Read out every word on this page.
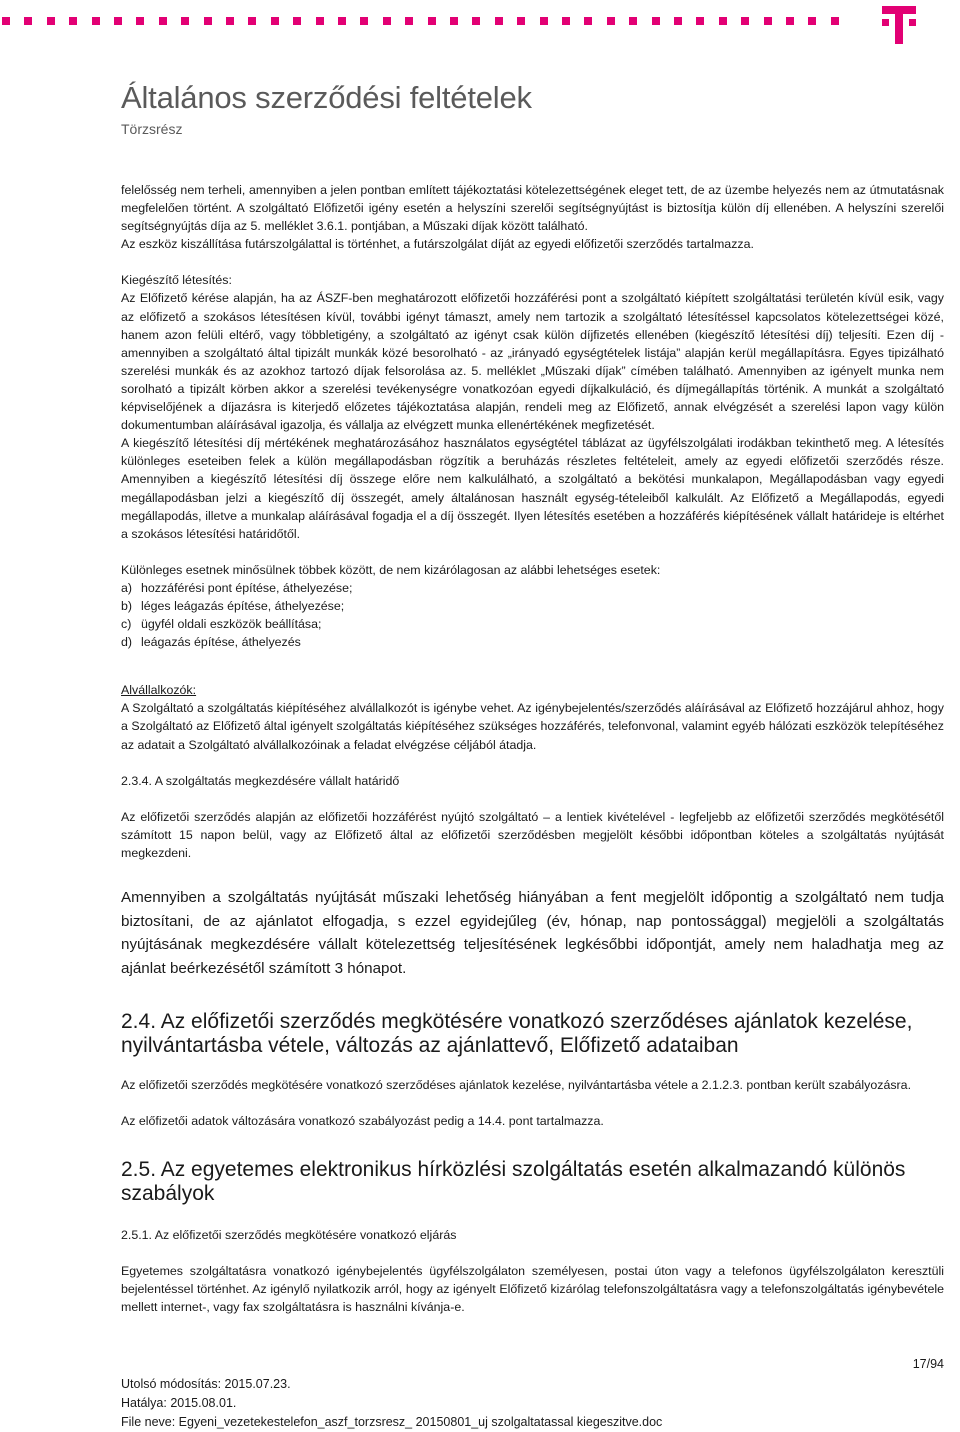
Általános szerződési feltételek
Törzsrész

felelősség nem terheli, amennyiben a jelen pontban említett tájékoztatási kötelezettségének eleget tett, de az üzembe helyezés nem az útmutatásnak megfelelően történt. A szolgáltató Előfizetői igény esetén a helyszíni szerelői segítségnyújtást is biztosítja külön díj ellenében. A helyszíni szerelői segítségnyújtás díja az 5. melléklet 3.6.1. pontjában, a Műszaki díjak között található.

Az eszköz kiszállítása futárszolgálattal is történhet, a futárszolgálat díját az egyedi előfizetői szerződés tartalmazza.

Kiegészítő létesítés:

Az Előfizető kérése alapján, ha az ÁSZF-ben meghatározott előfizetői hozzáférési pont a szolgáltató kiépített szolgáltatási területén kívül esik, vagy az előfizető a szokásos létesítésen kívül, további igényt támaszt, amely nem tartozik a szolgáltató létesítéssel kapcsolatos kötelezettségei közé, hanem azon felüli eltérő, vagy többletigény, a szolgáltató az igényt csak külön díjfizetés ellenében (kiegészítő létesítési díj) teljesíti. Ezen díj - amennyiben a szolgáltató által tipizált munkák közé besorolható - az „irányadó egységtételek listája” alapján kerül megállapításra. Egyes tipizálható szerelési munkák és az azokhoz tartozó díjak felsorolása az. 5. melléklet „Műszaki díjak” címében található. Amennyiben az igényelt munka nem sorolható a tipizált körben akkor a szerelési tevékenységre vonatkozóan egyedi díjkalkuláció, és díjmegállapítás történik. A munkát a szolgáltató képviselőjének a díjazásra is kiterjedő előzetes tájékoztatása alapján, rendeli meg az Előfizető, annak elvégzését a szerelési lapon vagy külön dokumentumban aláírásával igazolja, és vállalja az elvégzett munka ellenértékének megfizetését.

A kiegészítő létesítési díj mértékének meghatározásához használatos egységtétel táblázat az ügyfélszolgálati irodákban tekinthető meg. A létesítés különleges eseteiben felek a külön megállapodásban rögzítik a beruházás részletes feltételeit, amely az egyedi előfizetői szerződés része. Amennyiben a kiegészítő létesítési díj összege előre nem kalkulálható, a szolgáltató a bekötési munkalapon, Megállapodásban vagy egyedi megállapodásban jelzi a kiegészítő díj összegét, amely általánosan használt egység-tételeiből kalkulált. Az Előfizető a Megállapodás, egyedi megállapodás, illetve a munkalap aláírásával fogadja el a díj összegét. Ilyen létesítés esetében a hozzáférés kiépítésének vállalt határideje is eltérhet a szokásos létesítési határidőtől.

Különleges esetnek minősülnek többek között, de nem kizárólagosan az alábbi lehetséges esetek:

a) hozzáférési pont építése, áthelyezése;
b) léges leágazás építése, áthelyezése;
c) ügyfél oldali eszközök beállítása;
d) leágazás építése, áthelyezés

Alvállalkozók:

A Szolgáltató a szolgáltatás kiépítéséhez alvállalkozót is igénybe vehet. Az igénybejelentés/szerződés aláírásával az Előfizető hozzájárul ahhoz, hogy a Szolgáltató az Előfizető által igényelt szolgáltatás kiépítéséhez szükséges hozzáférés, telefonvonal, valamint egyéb hálózati eszközök telepítéséhez az adatait a Szolgáltató alvállalkozóinak a feladat elvégzése céljából átadja.

2.3.4. A szolgáltatás megkezdésére vállalt határidő

Az előfizetői szerződés alapján az előfizetői hozzáférést nyújtó szolgáltató – a lentiek kivételével - legfeljebb az előfizetői szerződés megkötésétől számított 15 napon belül, vagy az Előfizető által az előfizetői szerződésben megjelölt későbbi időpontban köteles a szolgáltatás nyújtását megkezdeni.

Amennyiben a szolgáltatás nyújtását műszaki lehetőség hiányában a fent megjelölt időpontig a szolgáltató nem tudja biztosítani, de az ajánlatot elfogadja, s ezzel egyidejűleg (év, hónap, nap pontossággal) megjelöli a szolgáltatás nyújtásának megkezdésére vállalt kötelezettség teljesítésének legkésőbbi időpontját, amely nem haladhatja meg az ajánlat beérkezésétől számított 3 hónapot.

2.4. Az előfizetői szerződés megkötésére vonatkozó szerződéses ajánlatok kezelése, nyilvántartásba vétele, változás az ajánlattevő, Előfizető adataiban

Az előfizetői szerződés megkötésére vonatkozó szerződéses ajánlatok kezelése, nyilvántartásba vétele a 2.1.2.3. pontban került szabályozásra.

Az előfizetői adatok változására vonatkozó szabályozást pedig a 14.4. pont tartalmazza.

2.5. Az egyetemes elektronikus hírközlési szolgáltatás esetén alkalmazandó különös szabályok

2.5.1. Az előfizetői szerződés megkötésére vonatkozó eljárás

Egyetemes szolgáltatásra vonatkozó igénybejelentés ügyfélszolgálaton személyesen, postai úton vagy a telefonos ügyfélszolgálaton keresztüli bejelentéssel történhet. Az igénylő nyilatkozik arról, hogy az igényelt Előfizető kizárólag telefonszolgáltatásra vagy a telefonszolgáltatás igénybevétele mellett internet-, vagy fax szolgáltatásra is használni kívánja-e.

17/94
Utolsó módosítás: 2015.07.23.
Hatálya: 2015.08.01.
File neve: Egyeni_vezetekestelefon_aszf_torzsresz_ 20150801_uj szolgaltatassal kiegeszitve.doc
